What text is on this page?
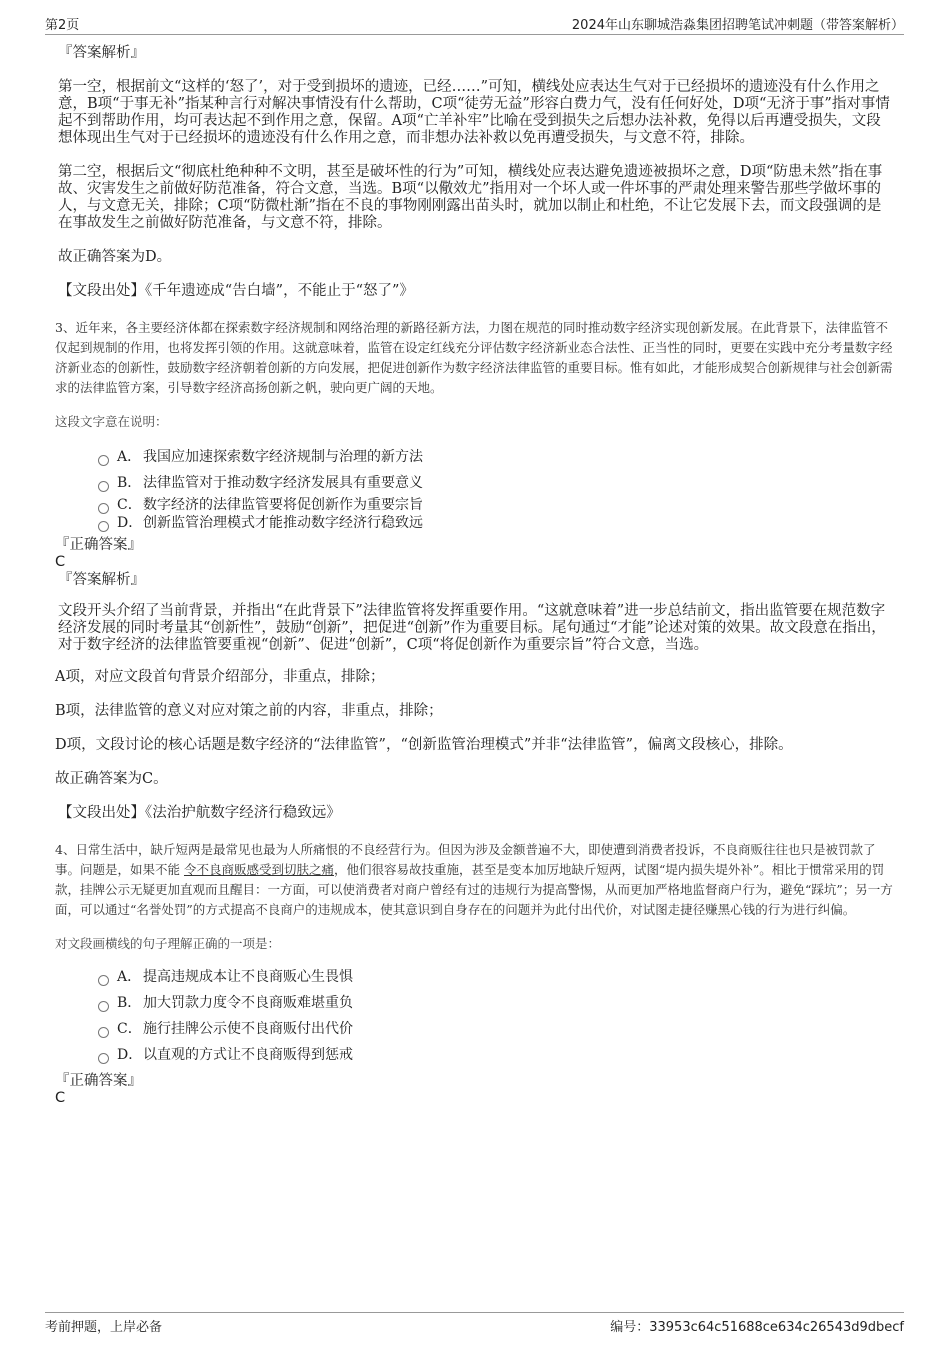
第2页	2024年山东聊城浩淼集团招聘笔试冲刺题（带答案解析）
『答案解析』

第一空，根据前文“这样的‘怒了’，对于受到损坏的遗迹，已经……”可知，横线处应表达生气对于已经损坏的遗迹没有什么作用之意，B项“于事无补”指某种言行对解决事情没有什么帮助，C项“徒劳无益”形容白费力气，没有任何好处，D项“无济于事”指对事情起不到帮助作用，均可表达起不到作用之意，保留。A项“亡羊补牢”比喻在受到损失之后想办法补救，免得以后再遭受损失，文段想体现出生气对于已经损坏的遗迹没有什么作用之意，而非想办法补救以免再遭受损失，与文意不符，排除。

第二空，根据后文“彻底杜绝种种不文明，甚至是破坏性的行为”可知，横线处应表达避免遗迹被损坏之意，D项“防患未然”指在事故、灾害发生之前做好防范准备，符合文意，当选。B项“以儆效尤”指用对一个坏人或一件坏事的严肃处理来警告那些学做坏事的人，与文意无关，排除；C项“防微杜渐”指在不良的事物刚刚露出苗头时，就加以制止和杜绝，不让它发展下去，而文段强调的是在事故发生之前做好防范准备，与文意不符，排除。

故正确答案为D。

【文段出处】《千年遗迹成“告白墙”，不能止于“怒了”》

3、近年来，各主要经济体都在探索数字经济规制和网络治理的新路径新方法，力图在规范的同时推动数字经济实现创新发展。在此背景下，法律监管不仅起到规制的作用，也将发挥引领的作用。这就意味着，监管在设定红线充分评估数字经济新业态合法性、正当性的同时，更要在实践中充分考量数字经济新业态的创新性，鼓励数字经济朝着创新的方向发展，把促进创新作为数字经济法律监管的重要目标。惟有如此，才能形成契合创新规律与社会创新需求的法律监管方案，引导数字经济高扬创新之帆，驶向更广阔的天地。

这段文字意在说明：

A． 我国应加速探索数字经济规制与治理的新方法
B． 法律监管对于推动数字经济发展具有重要意义
C． 数字经济的法律监管要将促创新作为重要宗旨
D． 创新监管治理模式才能推动数字经济行稳致远
『正确答案』
C
『答案解析』

文段开头介绍了当前背景，并指出“在此背景下”法律监管将发挥重要作用。“这就意味着”进一步总结前文，指出监管要在规范数字经济发展的同时考量其“创新性”，鼓励“创新”，把促进“创新”作为重要目标。尾句通过“才能”论述对策的效果。故文段意在指出，对于数字经济的法律监管要重视“创新”、促进“创新”，C项“将促创新作为重要宗旨”符合文意，当选。

A项，对应文段首句背景介绍部分，非重点，排除；

B项，法律监管的意义对应对策之前的内容，非重点，排除；

D项，文段讨论的核心话题是数字经济的“法律监管”，“创新监管治理模式”并非“法律监管”，偏离文段核心，排除。

故正确答案为C。

【文段出处】《法治护航数字经济行稳致远》

4、日常生活中，缺斤短两是最常见也最为人所痛恨的不良经营行为。但因为涉及金额普遍不大，即使遭到消费者投诉，不良商贩往往也只是被罚款了事。问题是，如果不能 令不良商贩感受到切肤之痛，他们很容易故技重施，甚至是变本加厉地缺斤短两，试图“堤内损失堤外补”。相比于惯常采用的罚款，挂牌公示无疑更加直观而且醒目：一方面，可以使消费者对商户曾经有过的违规行为提高警惕，从而更加严格地监督商户行为，避免“踩坑”；另一方面，可以通过“名誉处罚”的方式提高不良商户的违规成本，使其意识到自身存在的问题并为此付出代价，对试图走捷径赚黑心钱的行为进行纠偏。

对文段画横线的句子理解正确的一项是：

A． 提高违规成本让不良商贩心生畏惧
B． 加大罚款力度令不良商贩难堪重负
C． 施行挂牌公示使不良商贩付出代价
D． 以直观的方式让不良商贩得到惩戒
『正确答案』
C
考前押题，上岸必备	编号：33953c64c51688ce634c26543d9dbecf
